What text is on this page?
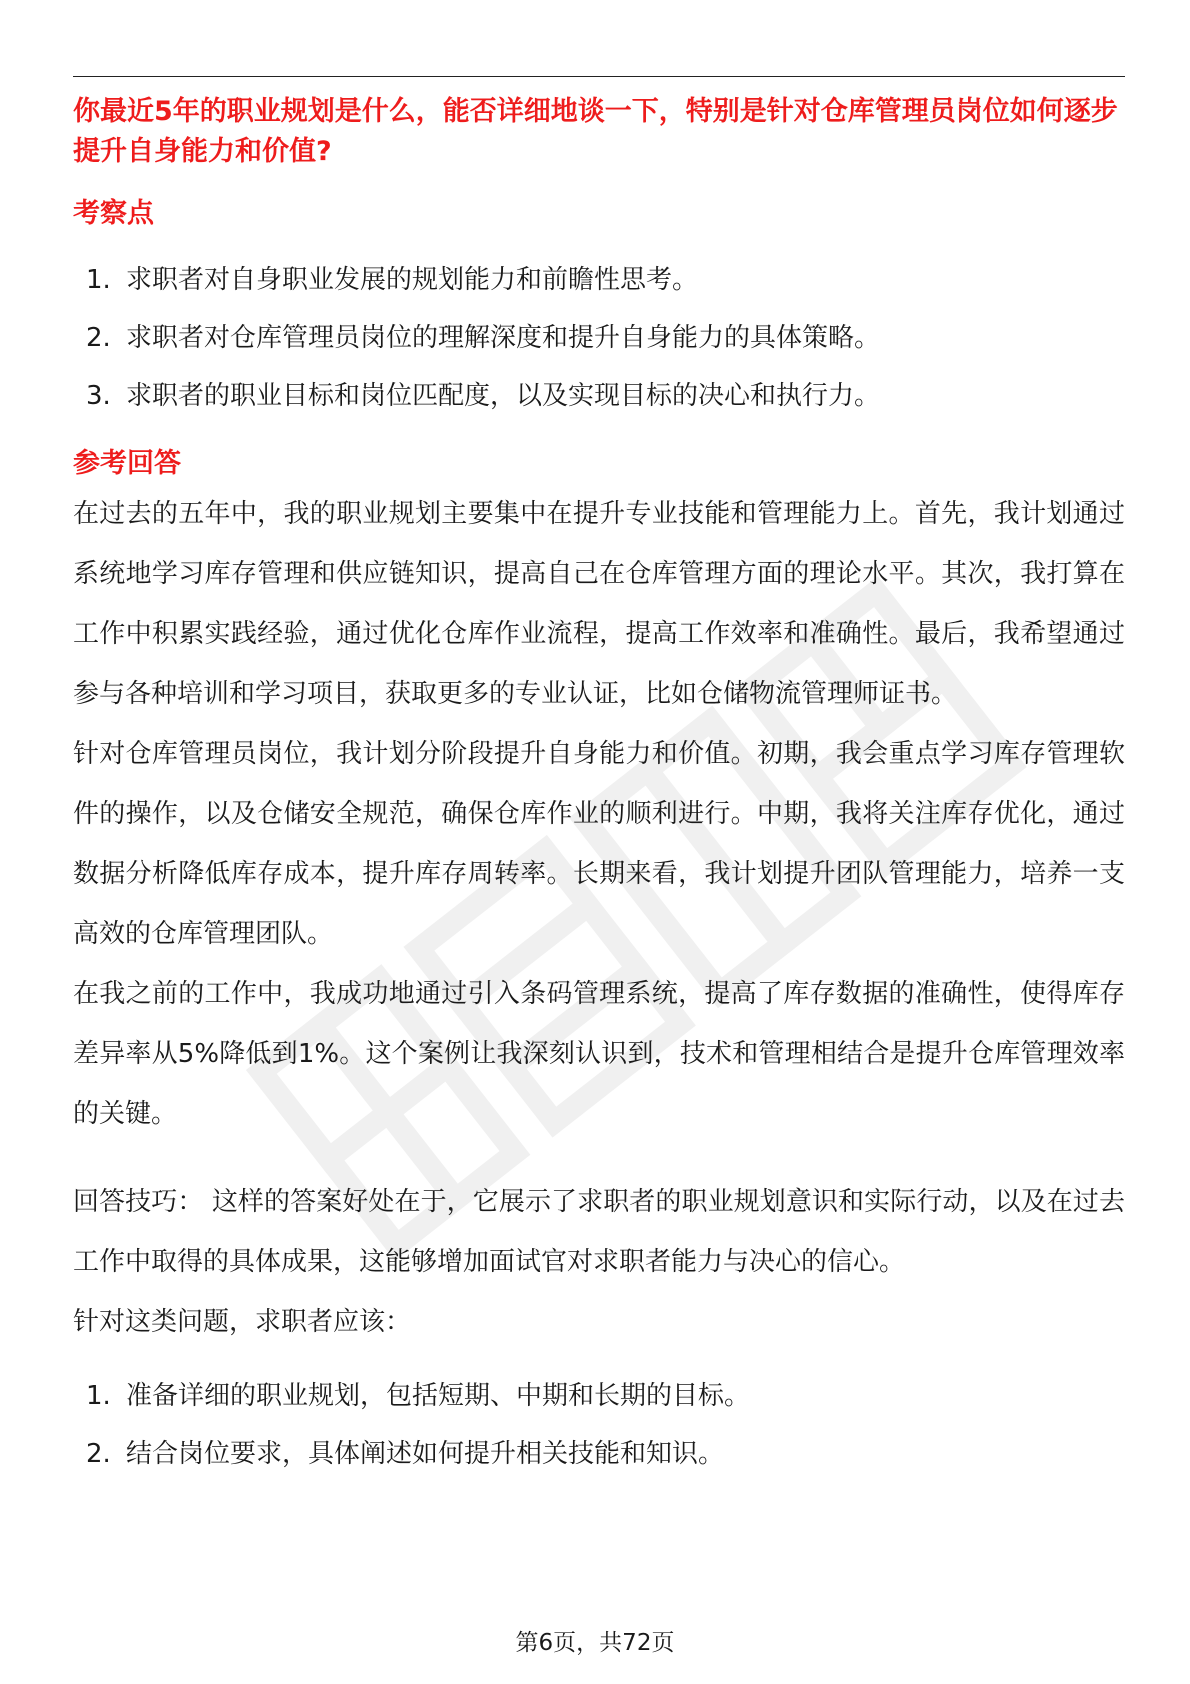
你最近5年的职业规划是什么，能否详细地谈一下，特别是针对仓库管理员岗位如何逐步提升自身能力和价值?

考察点
1. 求职者对自身职业发展的规划能力和前瞻性思考。
2. 求职者对仓库管理员岗位的理解深度和提升自身能力的具体策略。
3. 求职者的职业目标和岗位匹配度，以及实现目标的决心和执行力。
参考回答

在过去的五年中，我的职业规划主要集中在提升专业技能和管理能力上。首先，我计划通过系统地学习库存管理和供应链知识，提高自己在仓库管理方面的理论水平。其次，我打算在工作中积累实践经验，通过优化仓库作业流程，提高工作效率和准确性。最后，我希望通过参与各种培训和学习项目，获取更多的专业认证，比如仓储物流管理师证书。

针对仓库管理员岗位，我计划分阶段提升自身能力和价值。初期，我会重点学习库存管理软件的操作，以及仓储安全规范，确保仓库作业的顺利进行。中期，我将关注库存优化，通过数据分析降低库存成本，提升库存周转率。长期来看，我计划提升团队管理能力，培养一支高效的仓库管理团队。

在我之前的工作中，我成功地通过引入条码管理系统，提高了库存数据的准确性，使得库存差异率从5%降低到1%。这个案例让我深刻认识到，技术和管理相结合是提升仓库管理效率的关键。

回答技巧： 这样的答案好处在于，它展示了求职者的职业规划意识和实际行动，以及在过去工作中取得的具体成果，这能够增加面试官对求职者能力与决心的信心。

针对这类问题，求职者应该：

1. 准备详细的职业规划，包括短期、中期和长期的目标。
2. 结合岗位要求，具体阐述如何提升相关技能和知识。
第6页，共72页
